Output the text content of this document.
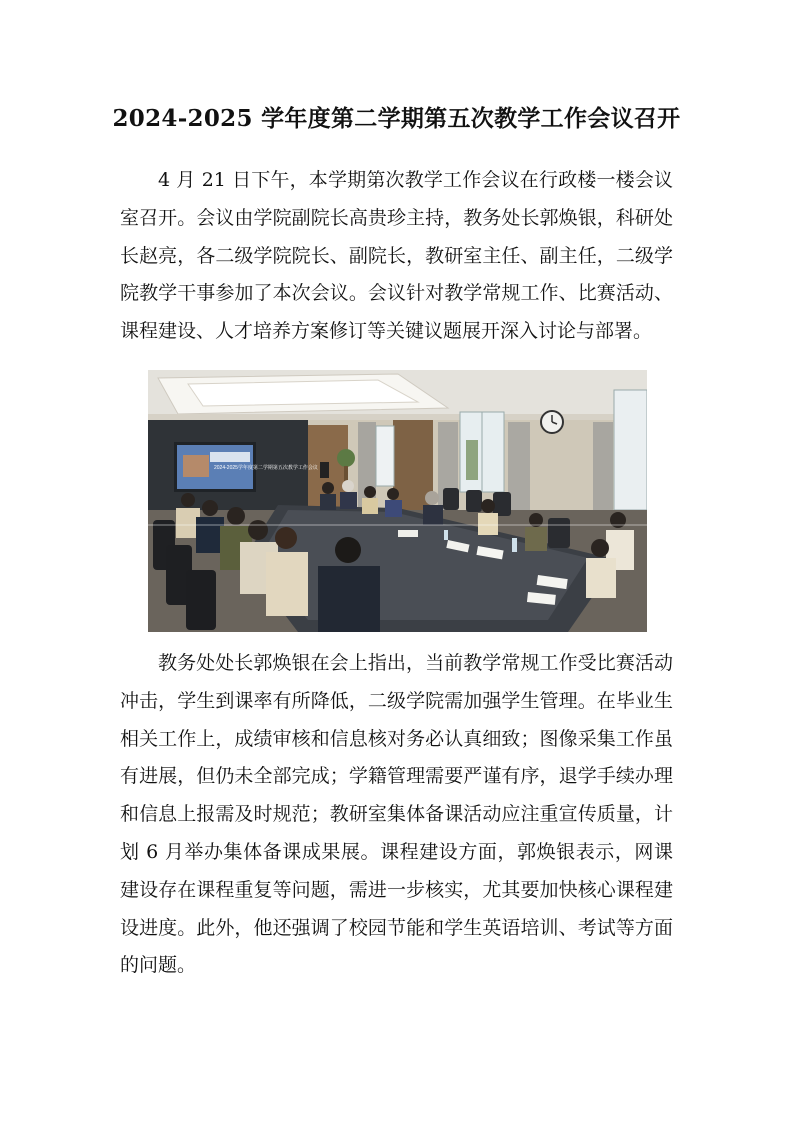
2024-2025 学年度第二学期第五次教学工作会议召开

4 月 21 日下午，本学期第次教学工作会议在行政楼一楼会议室召开。会议由学院副院长高贵珍主持，教务处长郭焕银，科研处长赵亮，各二级学院院长、副院长，教研室主任、副主任，二级学院教学干事参加了本次会议。会议针对教学常规工作、比赛活动、课程建设、人才培养方案修订等关键议题展开深入讨论与部署。

2024-2025学年度第二学期第五次教学工作会议

教务处处长郭焕银在会上指出，当前教学常规工作受比赛活动冲击，学生到课率有所降低，二级学院需加强学生管理。在毕业生相关工作上，成绩审核和信息核对务必认真细致；图像采集工作虽有进展，但仍未全部完成；学籍管理需要严谨有序，退学手续办理和信息上报需及时规范；教研室集体备课活动应注重宣传质量，计划 6 月举办集体备课成果展。课程建设方面，郭焕银表示，网课建设存在课程重复等问题，需进一步核实，尤其要加快核心课程建设进度。此外，他还强调了校园节能和学生英语培训、考试等方面的问题。
